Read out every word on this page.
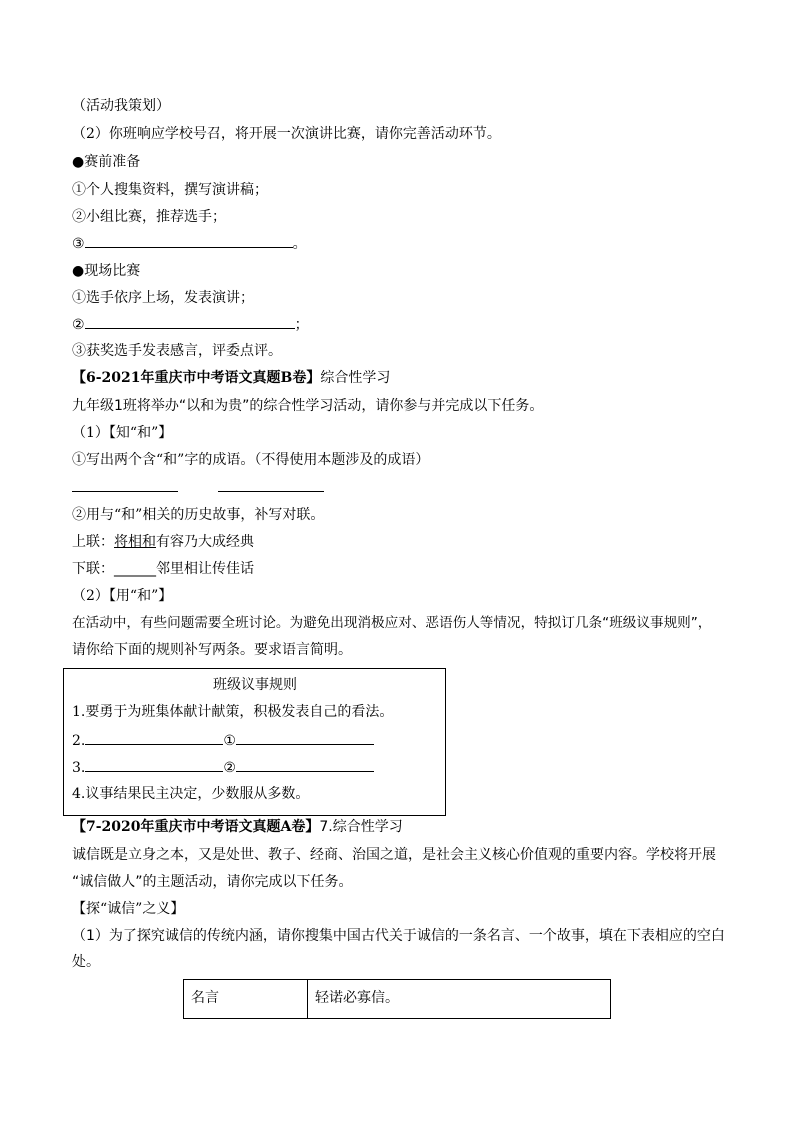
（活动我策划）
（2）你班响应学校号召，将开展一次演讲比赛，请你完善活动环节。
●赛前准备
①个人搜集资料，撰写演讲稿；
②小组比赛，推荐选手；
③	。
●现场比赛
①选手依序上场，发表演讲；
②	；
③获奖选手发表感言，评委点评。
【6-2021年重庆市中考语文真题B卷】综合性学习
九年级1班将举办“以和为贵”的综合性学习活动，请你参与并完成以下任务。
（1）【知“和”】
①写出两个含“和”字的成语。（不得使用本题涉及的成语）
②用与“和”相关的历史故事，补写对联。
上联：将相和有容乃大成经典
下联：______邻里相让传佳话
（2）【用“和”】
在活动中，有些问题需要全班讨论。为避免出现消极应对、恶语伤人等情况，特拟订几条“班级议事规则”，
请你给下面的规则补写两条。要求语言简明。
班级议事规则
1.要勇于为班集体献计献策，积极发表自己的看法。
2.	①
3.	②
4.议事结果民主决定，少数服从多数。
【7-2020年重庆市中考语文真题A卷】7.综合性学习
诚信既是立身之本，又是处世、教子、经商、治国之道，是社会主义核心价值观的重要内容。学校将开展
“诚信做人”的主题活动，请你完成以下任务。
【探“诚信”之义】
（1）为了探究诚信的传统内涵，请你搜集中国古代关于诚信的一条名言、一个故事，填在下表相应的空白
处。
名言	轻诺必寡信。
